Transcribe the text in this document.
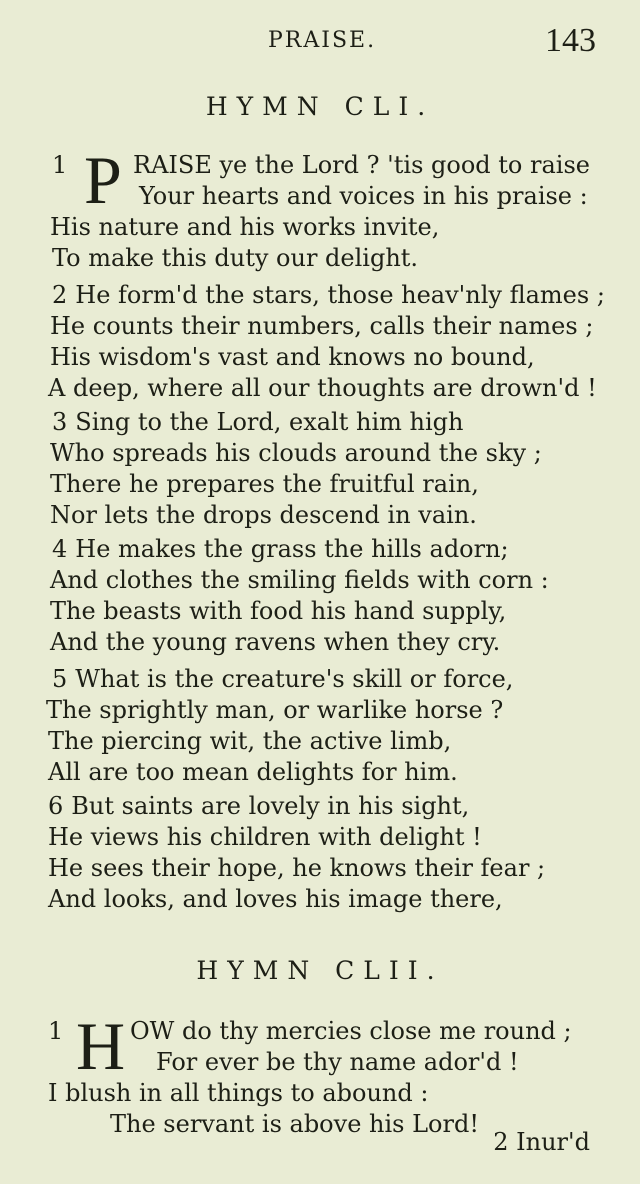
PRAISE.	143
HYMN CLI.
1 P RAISE ye the Lord ? 'tis good to raise
Your hearts and voices in his praise :
His nature and his works invite,
To make this duty our delight.
2 He form'd the stars, those heav'nly flames ;
He counts their numbers, calls their names ;
His wisdom's vast and knows no bound,
A deep, where all our thoughts are drown'd !
3 Sing to the Lord, exalt him high
Who spreads his clouds around the sky ;
There he prepares the fruitful rain,
Nor lets the drops descend in vain.
4 He makes the grass the hills adorn;
And clothes the smiling fields with corn :
The beasts with food his hand supply,
And the young ravens when they cry.
5 What is the creature's skill or force,
The sprightly man, or warlike horse ?
The piercing wit, the active limb,
All are too mean delights for him.
6 But saints are lovely in his sight,
He views his children with delight !
He sees their hope, he knows their fear ;
And looks, and loves his image there,
HYMN CLII.
1 H OW do thy mercies close me round ;
For ever be thy name ador'd !
I blush in all things to abound :
The servant is above his Lord!
2 Inur'd
